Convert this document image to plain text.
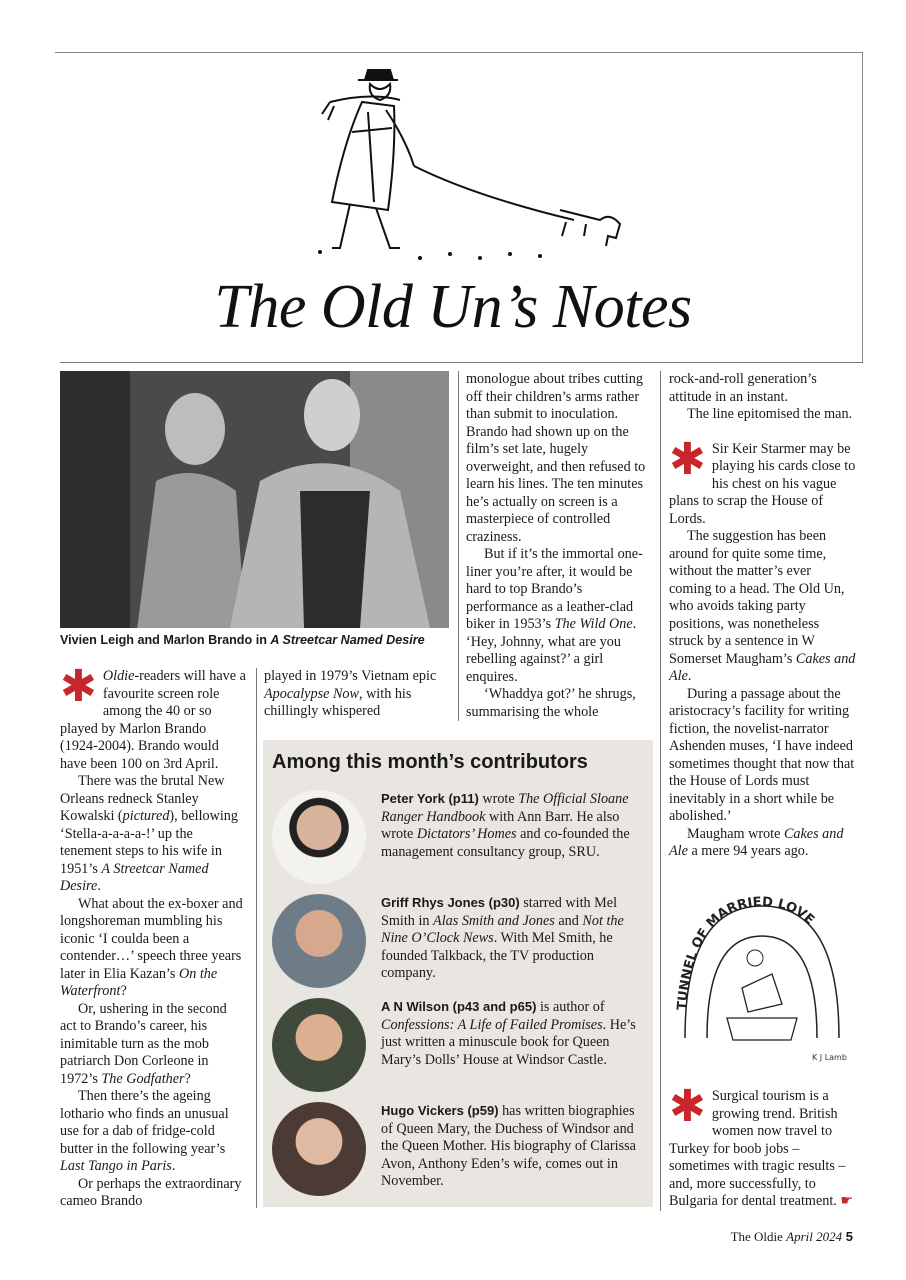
The Old Un’s Notes
Vivien Leigh and Marlon Brando in A Streetcar Named Desire

✱ Oldie-readers will have a favourite screen role among the 40 or so played by Marlon Brando (1924-2004). Brando would have been 100 on 3rd April.

There was the brutal New Orleans redneck Stanley Kowalski (pictured), bellowing ‘Stella-a-a-a-a-!’ up the tenement steps to his wife in 1951’s A Streetcar Named Desire.

What about the ex-boxer and longshoreman mumbling his iconic ‘I coulda been a contender…’ speech three years later in Elia Kazan’s On the Waterfront?

Or, ushering in the second act to Brando’s career, his inimitable turn as the mob patriarch Don Corleone in 1972’s The Godfather?

Then there’s the ageing lothario who finds an unusual use for a dab of fridge-cold butter in the following year’s Last Tango in Paris.

Or perhaps the extraordinary cameo Brando

played in 1979’s Vietnam epic Apocalypse Now, with his chillingly whispered

monologue about tribes cutting off their children’s arms rather than submit to inoculation. Brando had shown up on the film’s set late, hugely overweight, and then refused to learn his lines. The ten minutes he’s actually on screen is a masterpiece of controlled craziness.

But if it’s the immortal one-liner you’re after, it would be hard to top Brando’s performance as a leather-clad biker in 1953’s The Wild One. ‘Hey, Johnny, what are you rebelling against?’ a girl enquires.

‘Whaddya got?’ he shrugs, summarising the whole

rock-and-roll generation’s attitude in an instant.

The line epitomised the man.

✱ Sir Keir Starmer may be playing his cards close to his chest on his vague plans to scrap the House of Lords.

The suggestion has been around for quite some time, without the matter’s ever coming to a head. The Old Un, who avoids taking party positions, was nonetheless struck by a sentence in W Somerset Maugham’s Cakes and Ale.

During a passage about the aristocracy’s facility for writing fiction, the novelist-narrator Ashenden muses, ‘I have indeed sometimes thought that now that the House of Lords must inevitably in a short while be abolished.’

Maugham wrote Cakes and Ale a mere 94 years ago.

TUNNEL OF MARRIED LOVE
K J Lamb

✱ Surgical tourism is a growing trend. British women now travel to Turkey for boob jobs – sometimes with tragic results – and, more successfully, to Bulgaria for dental treatment. ☛

Among this month’s contributors
Peter York (p11) wrote The Official Sloane Ranger Handbook with Ann Barr. He also wrote Dictators’ Homes and co-founded the management consultancy group, SRU.
Griff Rhys Jones (p30) starred with Mel Smith in Alas Smith and Jones and Not the Nine O’Clock News. With Mel Smith, he founded Talkback, the TV production company.
A N Wilson (p43 and p65) is author of Confessions: A Life of Failed Promises. He’s just written a minuscule book for Queen Mary’s Dolls’ House at Windsor Castle.
Hugo Vickers (p59) has written biographies of Queen Mary, the Duchess of Windsor and the Queen Mother. His biography of Clarissa Avon, Anthony Eden’s wife, comes out in November.
The Oldie April 2024 5
